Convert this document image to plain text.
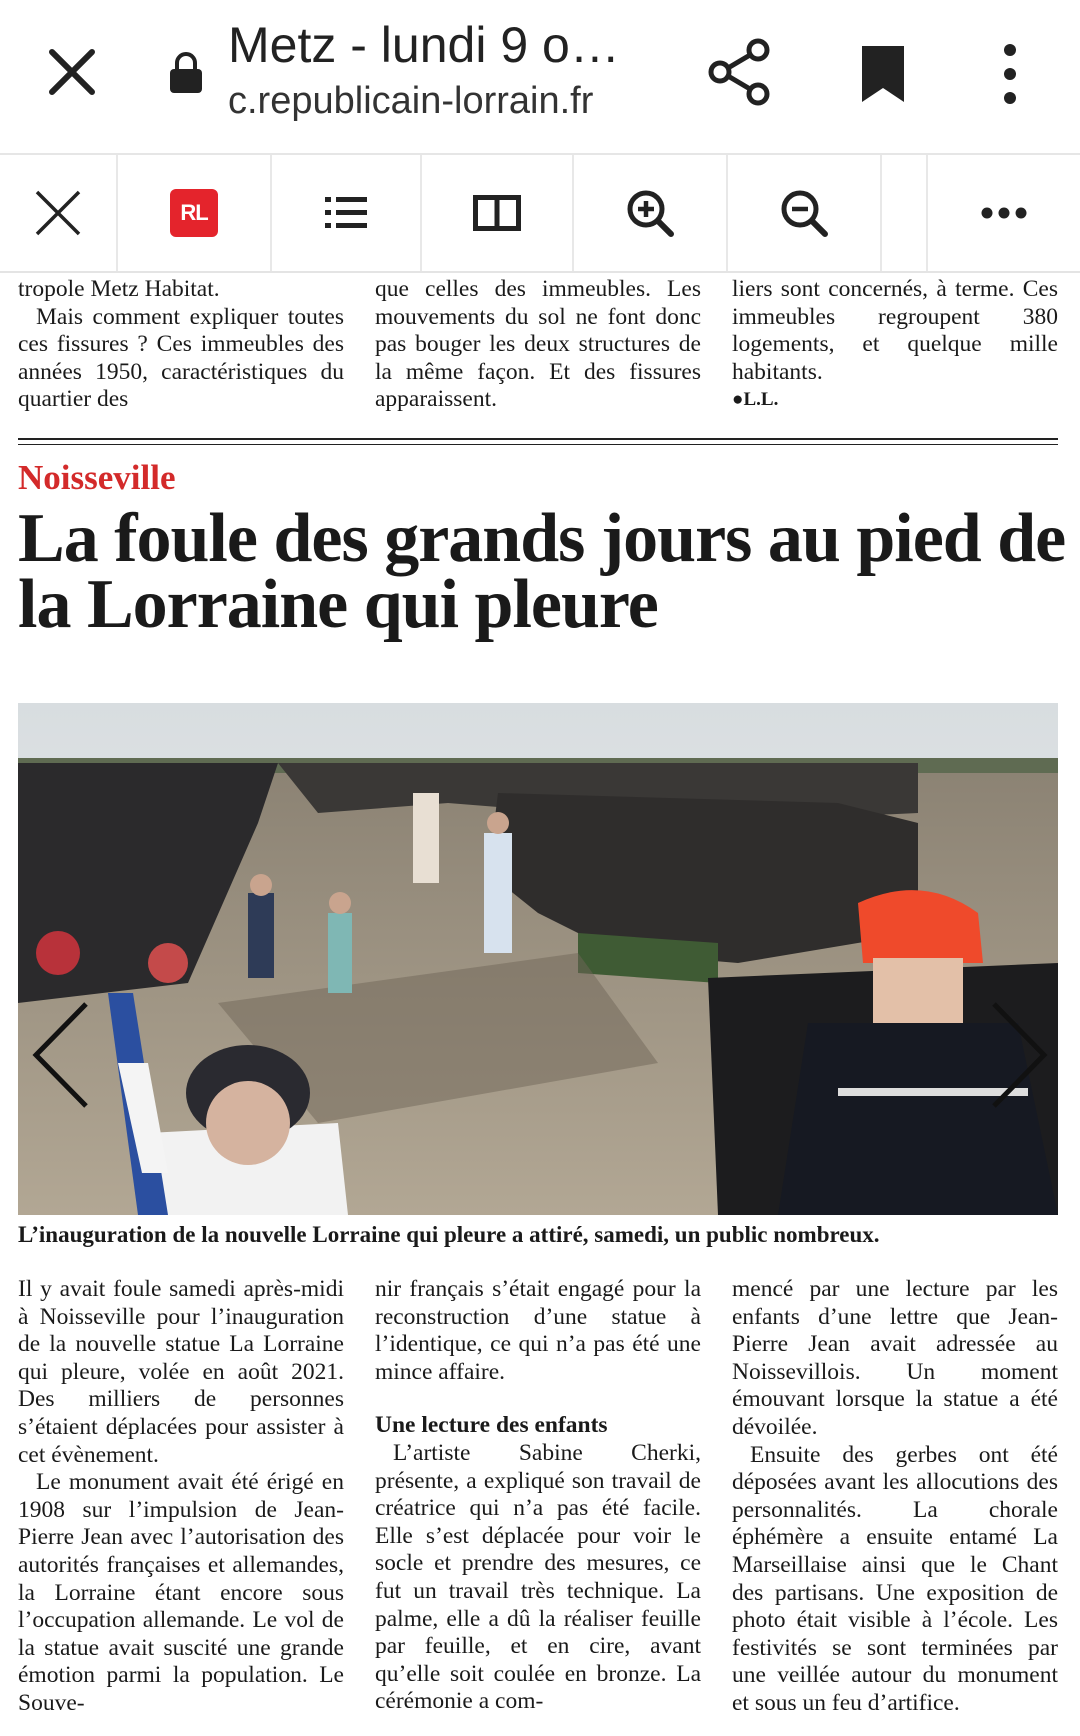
Metz - lundi 9 o…
c.republicain-lorrain.fr
RL

tropole Metz Habitat.

Mais comment expliquer toutes ces fissures ? Ces immeubles des années 1950, caractéristiques du quartier des

que celles des immeubles. Les mouvements du sol ne font donc pas bouger les deux structures de la même façon. Et des fissures apparaissent.

liers sont concernés, à terme. Ces immeubles regroupent 380 logements, et quelque mille habitants.

●L.L.

Noisseville
La foule des grands jours au pied de la Lorraine qui pleure
L’inauguration de la nouvelle Lorraine qui pleure a attiré, samedi, un public nombreux.

Il y avait foule samedi après-midi à Noisseville pour l’inauguration de la nouvelle statue La Lorraine qui pleure, volée en août 2021. Des milliers de personnes s’étaient déplacées pour assister à cet évènement.

Le monument avait été érigé en 1908 sur l’impulsion de Jean-Pierre Jean avec l’autorisation des autorités françaises et allemandes, la Lorraine étant encore sous l’occupation allemande. Le vol de la statue avait suscité une grande émotion parmi la population. Le Souve-

nir français s’était engagé pour la reconstruction d’une statue à l’identique, ce qui n’a pas été une mince affaire.

Une lecture des enfants

L’artiste Sabine Cherki, présente, a expliqué son travail de créatrice qui n’a pas été facile. Elle s’est déplacée pour voir le socle et prendre des mesures, ce fut un travail très technique. La palme, elle a dû la réaliser feuille par feuille, et en cire, avant qu’elle soit coulée en bronze. La cérémonie a com-

mencé par une lecture par les enfants d’une lettre que Jean-Pierre Jean avait adressée au Noissevillois. Un moment émouvant lorsque la statue a été dévoilée.

Ensuite des gerbes ont été déposées avant les allocutions des personnalités. La chorale éphémère a ensuite entamé La Marseillaise ainsi que le Chant des partisans. Une exposition de photo était visible à l’école. Les festivités se sont terminées par une veillée autour du monument et sous un feu d’artifice.
